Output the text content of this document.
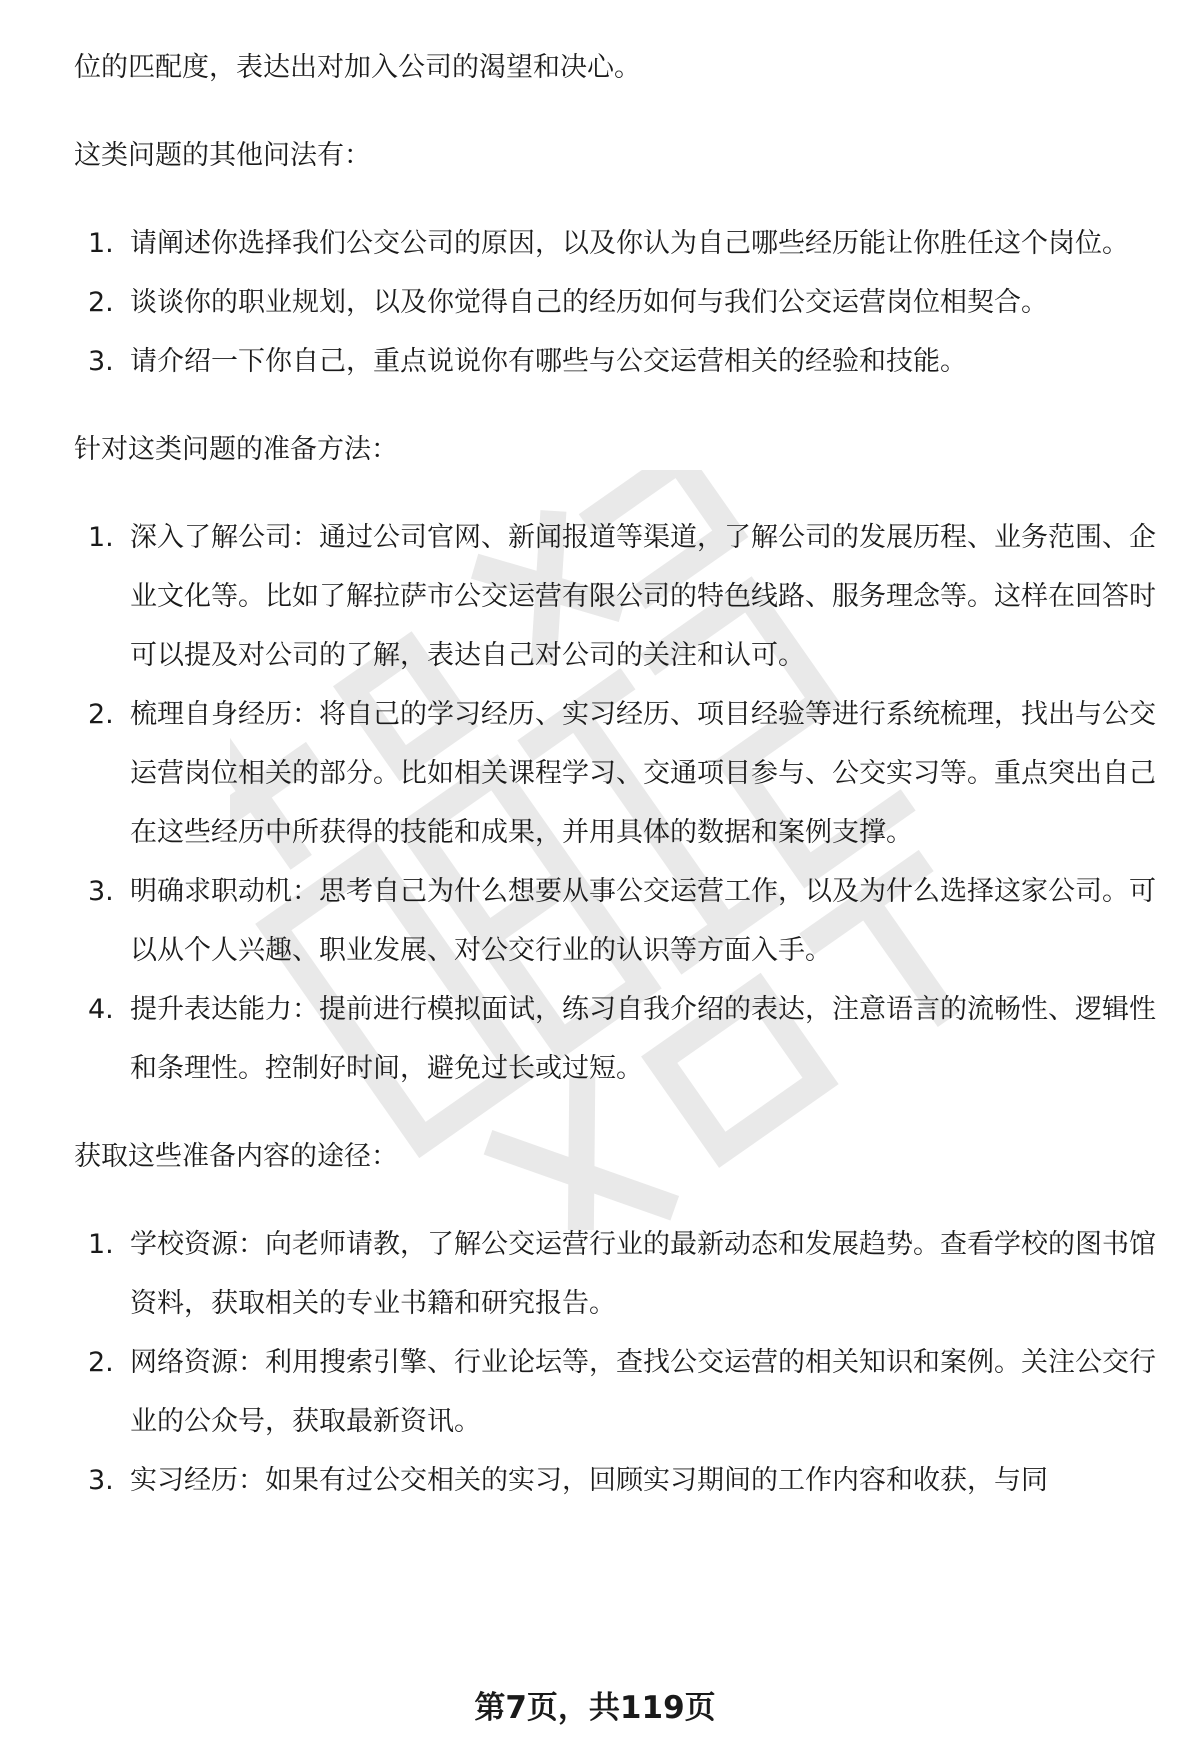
位的匹配度，表达出对加入公司的渴望和决心。

这类问题的其他问法有：

1. 请阐述你选择我们公交公司的原因，以及你认为自己哪些经历能让你胜任这个岗位。
2. 谈谈你的职业规划，以及你觉得自己的经历如何与我们公交运营岗位相契合。
3. 请介绍一下你自己，重点说说你有哪些与公交运营相关的经验和技能。

针对这类问题的准备方法：

1. 深入了解公司：通过公司官网、新闻报道等渠道，了解公司的发展历程、业务范围、企业文化等。比如了解拉萨市公交运营有限公司的特色线路、服务理念等。这样在回答时可以提及对公司的了解，表达自己对公司的关注和认可。
2. 梳理自身经历：将自己的学习经历、实习经历、项目经验等进行系统梳理，找出与公交运营岗位相关的部分。比如相关课程学习、交通项目参与、公交实习等。重点突出自己在这些经历中所获得的技能和成果，并用具体的数据和案例支撑。
3. 明确求职动机：思考自己为什么想要从事公交运营工作，以及为什么选择这家公司。可以从个人兴趣、职业发展、对公交行业的认识等方面入手。
4. 提升表达能力：提前进行模拟面试，练习自我介绍的表达，注意语言的流畅性、逻辑性和条理性。控制好时间，避免过长或过短。

获取这些准备内容的途径：

1. 学校资源：向老师请教，了解公交运营行业的最新动态和发展趋势。查看学校的图书馆资料，获取相关的专业书籍和研究报告。
2. 网络资源：利用搜索引擎、行业论坛等，查找公交运营的相关知识和案例。关注公交行业的公众号，获取最新资讯。
3. 实习经历：如果有过公交相关的实习，回顾实习期间的工作内容和收获，与同
第7页，共119页
